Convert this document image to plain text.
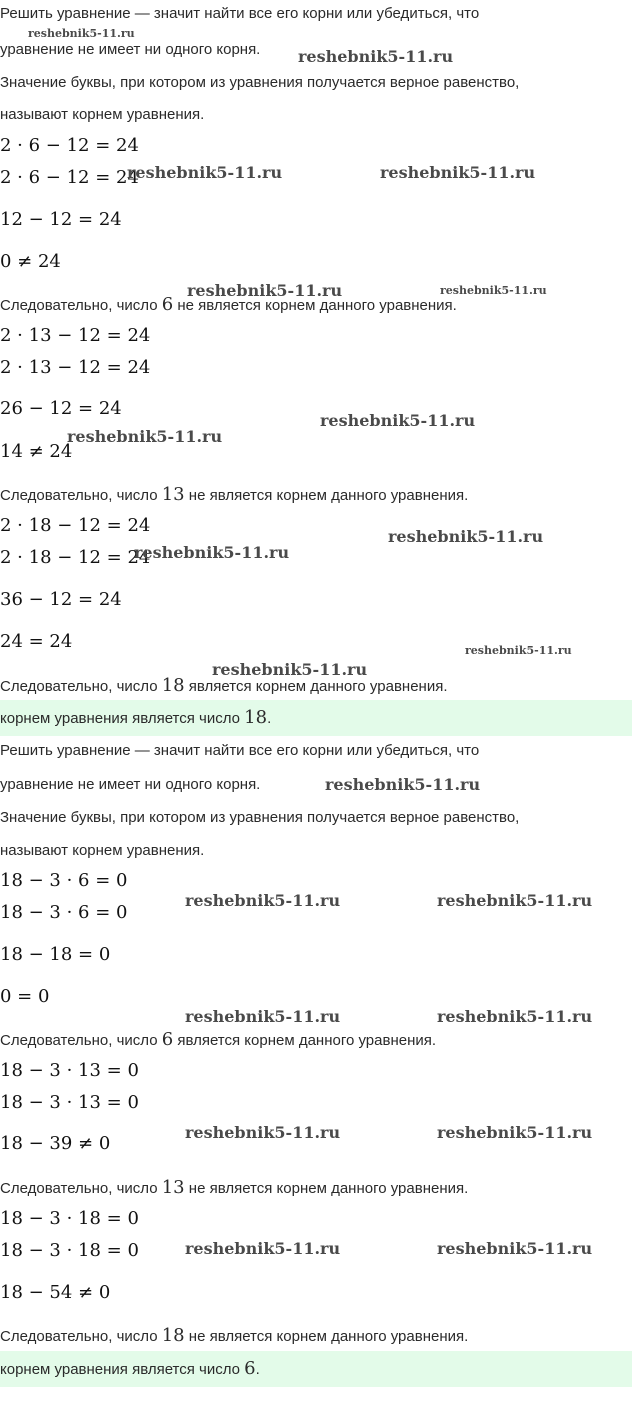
Решить уравнение — значит найти все его корни или убедиться, что
reshebnik5-11.ru
уравнение не имеет ни одного корня. reshebnik5-11.ru
Значение буквы, при котором из уравнения получается верное равенство,
называют корнем уравнения.
2 · 6 − 12 = 24
2 · 6 − 12 = 24
reshebnik5-11.ru	reshebnik5-11.ru
12 − 12 = 24
0 ≠ 24
reshebnik5-11.ru	reshebnik5-11.ru
Следовательно, число 6 не является корнем данного уравнения.
2 · 13 − 12 = 24
2 · 13 − 12 = 24
26 − 12 = 24
reshebnik5-11.ru
14 ≠ 24
reshebnik5-11.ru
Следовательно, число 13 не является корнем данного уравнения.
2 · 18 − 12 = 24
reshebnik5-11.ru
2 · 18 − 12 = 24
reshebnik5-11.ru
36 − 12 = 24
24 = 24	reshebnik5-11.ru
reshebnik5-11.ru
Следовательно, число 18 является корнем данного уравнения.
корнем уравнения является число 18.
Решить уравнение — значит найти все его корни или убедиться, что
уравнение не имеет ни одного корня.	reshebnik5-11.ru
Значение буквы, при котором из уравнения получается верное равенство,
называют корнем уравнения.
18 − 3 · 6 = 0
reshebnik5-11.ru	reshebnik5-11.ru
18 − 3 · 6 = 0
18 − 18 = 0
0 = 0
reshebnik5-11.ru	reshebnik5-11.ru
Следовательно, число 6 является корнем данного уравнения.
18 − 3 · 13 = 0
18 − 3 · 13 = 0
reshebnik5-11.ru	reshebnik5-11.ru
18 − 39 ≠ 0
Следовательно, число 13 не является корнем данного уравнения.
18 − 3 · 18 = 0
18 − 3 · 18 = 0	reshebnik5-11.ru	reshebnik5-11.ru
18 − 54 ≠ 0
Следовательно, число 18 не является корнем данного уравнения.
корнем уравнения является число 6.
